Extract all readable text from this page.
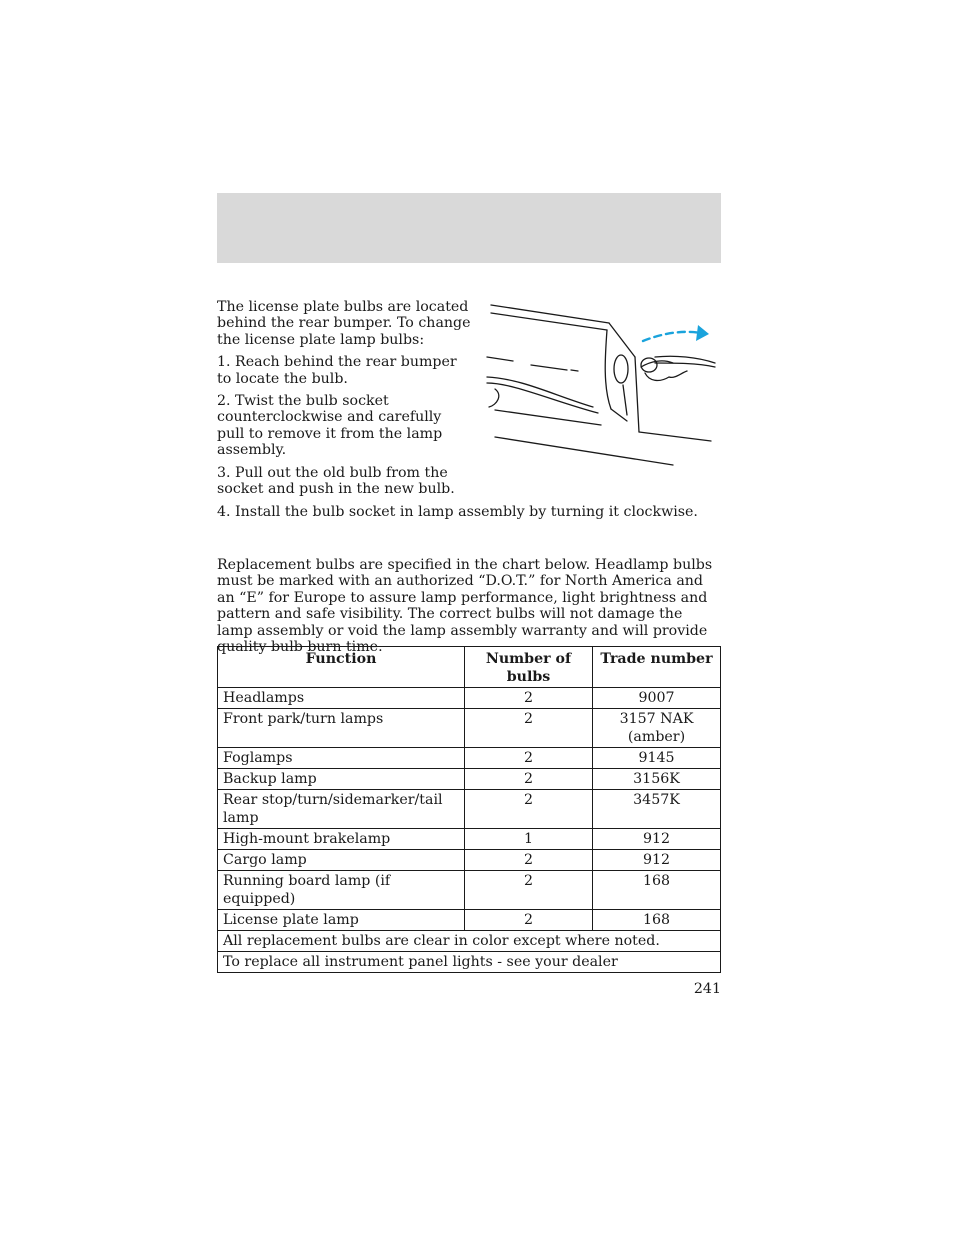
The license plate bulbs are located behind the rear bumper. To change the license plate lamp bulbs:

1. Reach behind the rear bumper to locate the bulb.

2. Twist the bulb socket counterclockwise and carefully pull to remove it from the lamp assembly.

3. Pull out the old bulb from the socket and push in the new bulb.

4. Install the bulb socket in lamp assembly by turning it clockwise.

Replacement bulbs are specified in the chart below. Headlamp bulbs must be marked with an authorized “D.O.T.” for North America and an “E” for Europe to assure lamp performance, light brightness and pattern and safe visibility. The correct bulbs will not damage the lamp assembly or void the lamp assembly warranty and will provide quality bulb burn time.

Function	Number of bulbs	Trade number
Headlamps	2	9007
Front park/turn lamps	2	3157 NAK (amber)
Foglamps	2	9145
Backup lamp	2	3156K
Rear stop/turn/sidemarker/tail lamp	2	3457K
High-mount brakelamp	1	912
Cargo lamp	2	912
Running board lamp (if equipped)	2	168
License plate lamp	2	168
All replacement bulbs are clear in color except where noted.		
To replace all instrument panel lights - see your dealer		
241
